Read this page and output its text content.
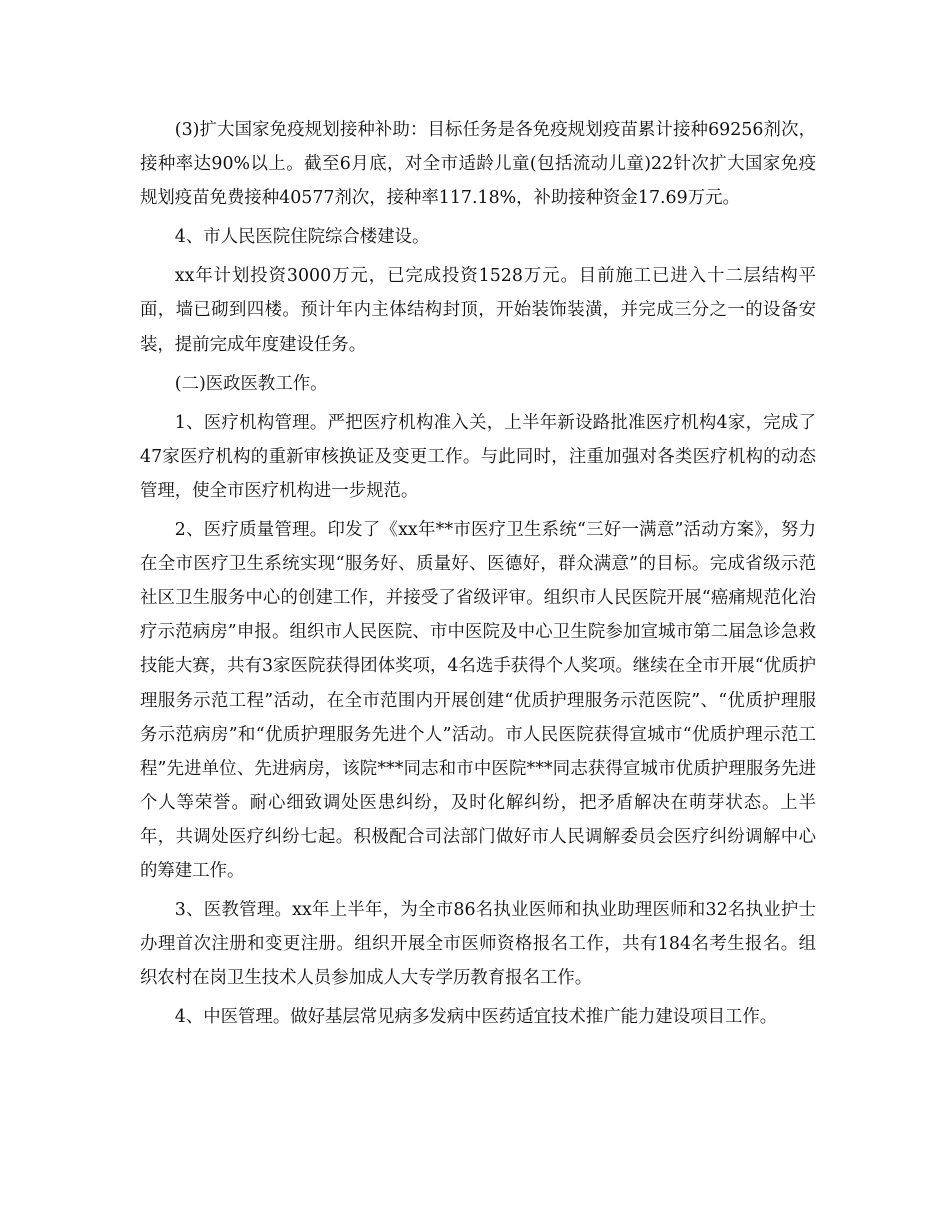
(3)扩大国家免疫规划接种补助：目标任务是各免疫规划疫苗累计接种69256剂次，接种率达90%以上。截至6月底，对全市适龄儿童(包括流动儿童)22针次扩大国家免疫规划疫苗免费接种40577剂次，接种率117.18%，补助接种资金17.69万元。

4、市人民医院住院综合楼建设。

xx年计划投资3000万元，已完成投资1528万元。目前施工已进入十二层结构平面，墙已砌到四楼。预计年内主体结构封顶，开始装饰装潢，并完成三分之一的设备安装，提前完成年度建设任务。

(二)医政医教工作。

1、医疗机构管理。严把医疗机构准入关，上半年新设路批准医疗机构4家，完成了47家医疗机构的重新审核换证及变更工作。与此同时，注重加强对各类医疗机构的动态管理，使全市医疗机构进一步规范。

2、医疗质量管理。印发了《xx年**市医疗卫生系统“三好一满意”活动方案》，努力在全市医疗卫生系统实现“服务好、质量好、医德好，群众满意”的目标。完成省级示范社区卫生服务中心的创建工作，并接受了省级评审。组织市人民医院开展“癌痛规范化治疗示范病房”申报。组织市人民医院、市中医院及中心卫生院参加宣城市第二届急诊急救技能大赛，共有3家医院获得团体奖项，4名选手获得个人奖项。继续在全市开展“优质护理服务示范工程”活动，在全市范围内开展创建“优质护理服务示范医院”、“优质护理服务示范病房”和“优质护理服务先进个人”活动。市人民医院获得宣城市“优质护理示范工程”先进单位、先进病房，该院***同志和市中医院***同志获得宣城市优质护理服务先进个人等荣誉。耐心细致调处医患纠纷，及时化解纠纷，把矛盾解决在萌芽状态。上半年，共调处医疗纠纷七起。积极配合司法部门做好市人民调解委员会医疗纠纷调解中心的筹建工作。

3、医教管理。xx年上半年，为全市86名执业医师和执业助理医师和32名执业护士办理首次注册和变更注册。组织开展全市医师资格报名工作，共有184名考生报名。组织农村在岗卫生技术人员参加成人大专学历教育报名工作。

4、中医管理。做好基层常见病多发病中医药适宜技术推广能力建设项目工作。
